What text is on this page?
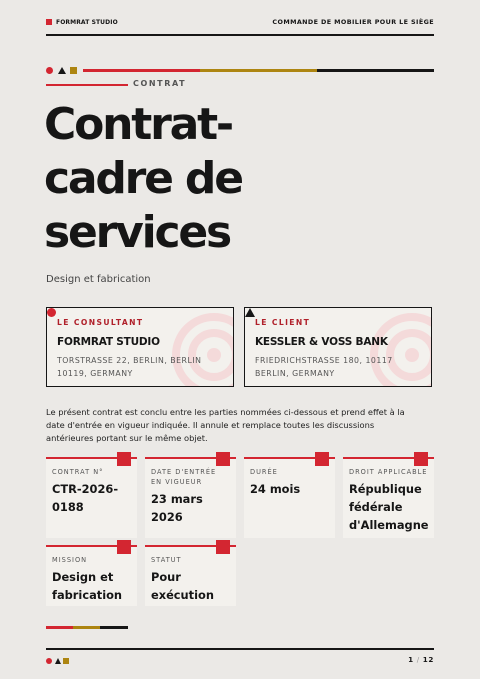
FORMRAT STUDIO	COMMANDE DE MOBILIER POUR LE SIÈGE
CONTRAT
Contrat-cadre de services
Design et fabrication
LE CONSULTANT
FORMRAT STUDIO
TORSTRASSE 22, BERLIN, BERLIN 10119, GERMANY
LE CLIENT
KESSLER & VOSS BANK
FRIEDRICHSTRASSE 180, 10117 BERLIN, GERMANY
Le présent contrat est conclu entre les parties nommées ci-dessous et prend effet à la date d'entrée en vigueur indiquée. Il annule et remplace toutes les discussions antérieures portant sur le même objet.
CONTRAT N°
CTR-2026-0188
DATE D'ENTRÉE EN VIGUEUR
23 mars 2026
DURÉE
24 mois
DROIT APPLICABLE
République fédérale d'Allemagne
MISSION
Design et fabrication
STATUT
Pour exécution
1 / 12
